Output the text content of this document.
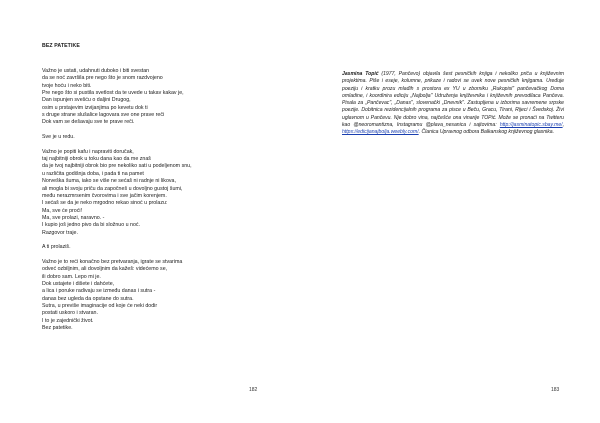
BEZ PATETIKE
Važno je ustati, udahnuti duboko i biti svestan
da se noć završila pre nego što je snom razdvojeno
tvoje hoću i neko biti.
Pre nego što si pustila svetlost da te uvede u takav kakav je,
Dan ispunjen svešću o daljini Drugog,
osim u prstajevim izvijanjima po kevetu dok ti
s druge strane slušalice lagovara sve one prave reči
Dok vam se dešavaju sve te prave reči.
Sve je u redu.
Važno je popiti kafu i napraviti doručak,
taj najbitniji obrok u toku dana kao da me znaš
da je tvoj najbitniji obrok bio pre nekoliko sati u podeljenom snu,
u različita godišnja doba, i pada ti na pamet
Norveška šuma, iako se više ne sećaš ni radnje ni likova,
ali mogla bi svoju priču da započneš u dovoljno gustoj šumi,
među nerazmrsenim čvorovima i sve jačim korenjem.
I sećaš se da je neko mrgodno rekao sinoć u prolazu:
Ma, sve će proći!
Ma, sve prolazi, naravno. -
I kupio još jedno pivo da bi složnuo u noć.
Razgovor traje.
A ti prolaziš.
Važno je to reći konačno bez pretvaranja, igrate se stvarima
odveć ozbiljnim, ali dovoljnim da kažeš: videćemo se,
ili dobro sam. Lepo mi je.
Dok ustajete i dišete i dahćete,
a lica i poruke radivaju se između danas i sutra -
danas bez ugleda da opstane do sutra.
Sutra, u previše imaginacije od koje će neki dodir
postati uskoro i stvaran.
I to je zajednički život.
Bez patetike.
182
Jasmina Topić (1977, Pančevo) objavila šest pesničkih knjiga i nekoliko priča u književnim projektima. Piše i eseje, kolumne, prikaze i radovi se uvek nove pesničkih knjigama. Uređuje poeziju i kratku prozu mlađih s prostora ex YU u zborniku „Rukopisi" pančevačkog Doma omladine, i koordinira ediciju „Najbolja" Udruženja književnika i književnih prevodilaca Pančeva. Pisala za „Pančevac", „Danas", slovenački „Dnevnik". Zastupljena u izborima savremene srpske poezije. Dobitnica rezidencijalnih programa za pisce u Beču, Gracu, Tirani, Rijeci i Švedskoj. Živi uglavnom u Pančevu. Nje dobro vina, najčešće ona vinarije TOPić. Može se pronaći na Twitteru kao @neoromantizna, Instagramu @plava_nesanica i sajtovima: http://jasminatopic.sbay.me/, https://edicijanajbolja.weebly.com/. Članica Upravnog odbora Balkanskog književnog glasnika.
183
